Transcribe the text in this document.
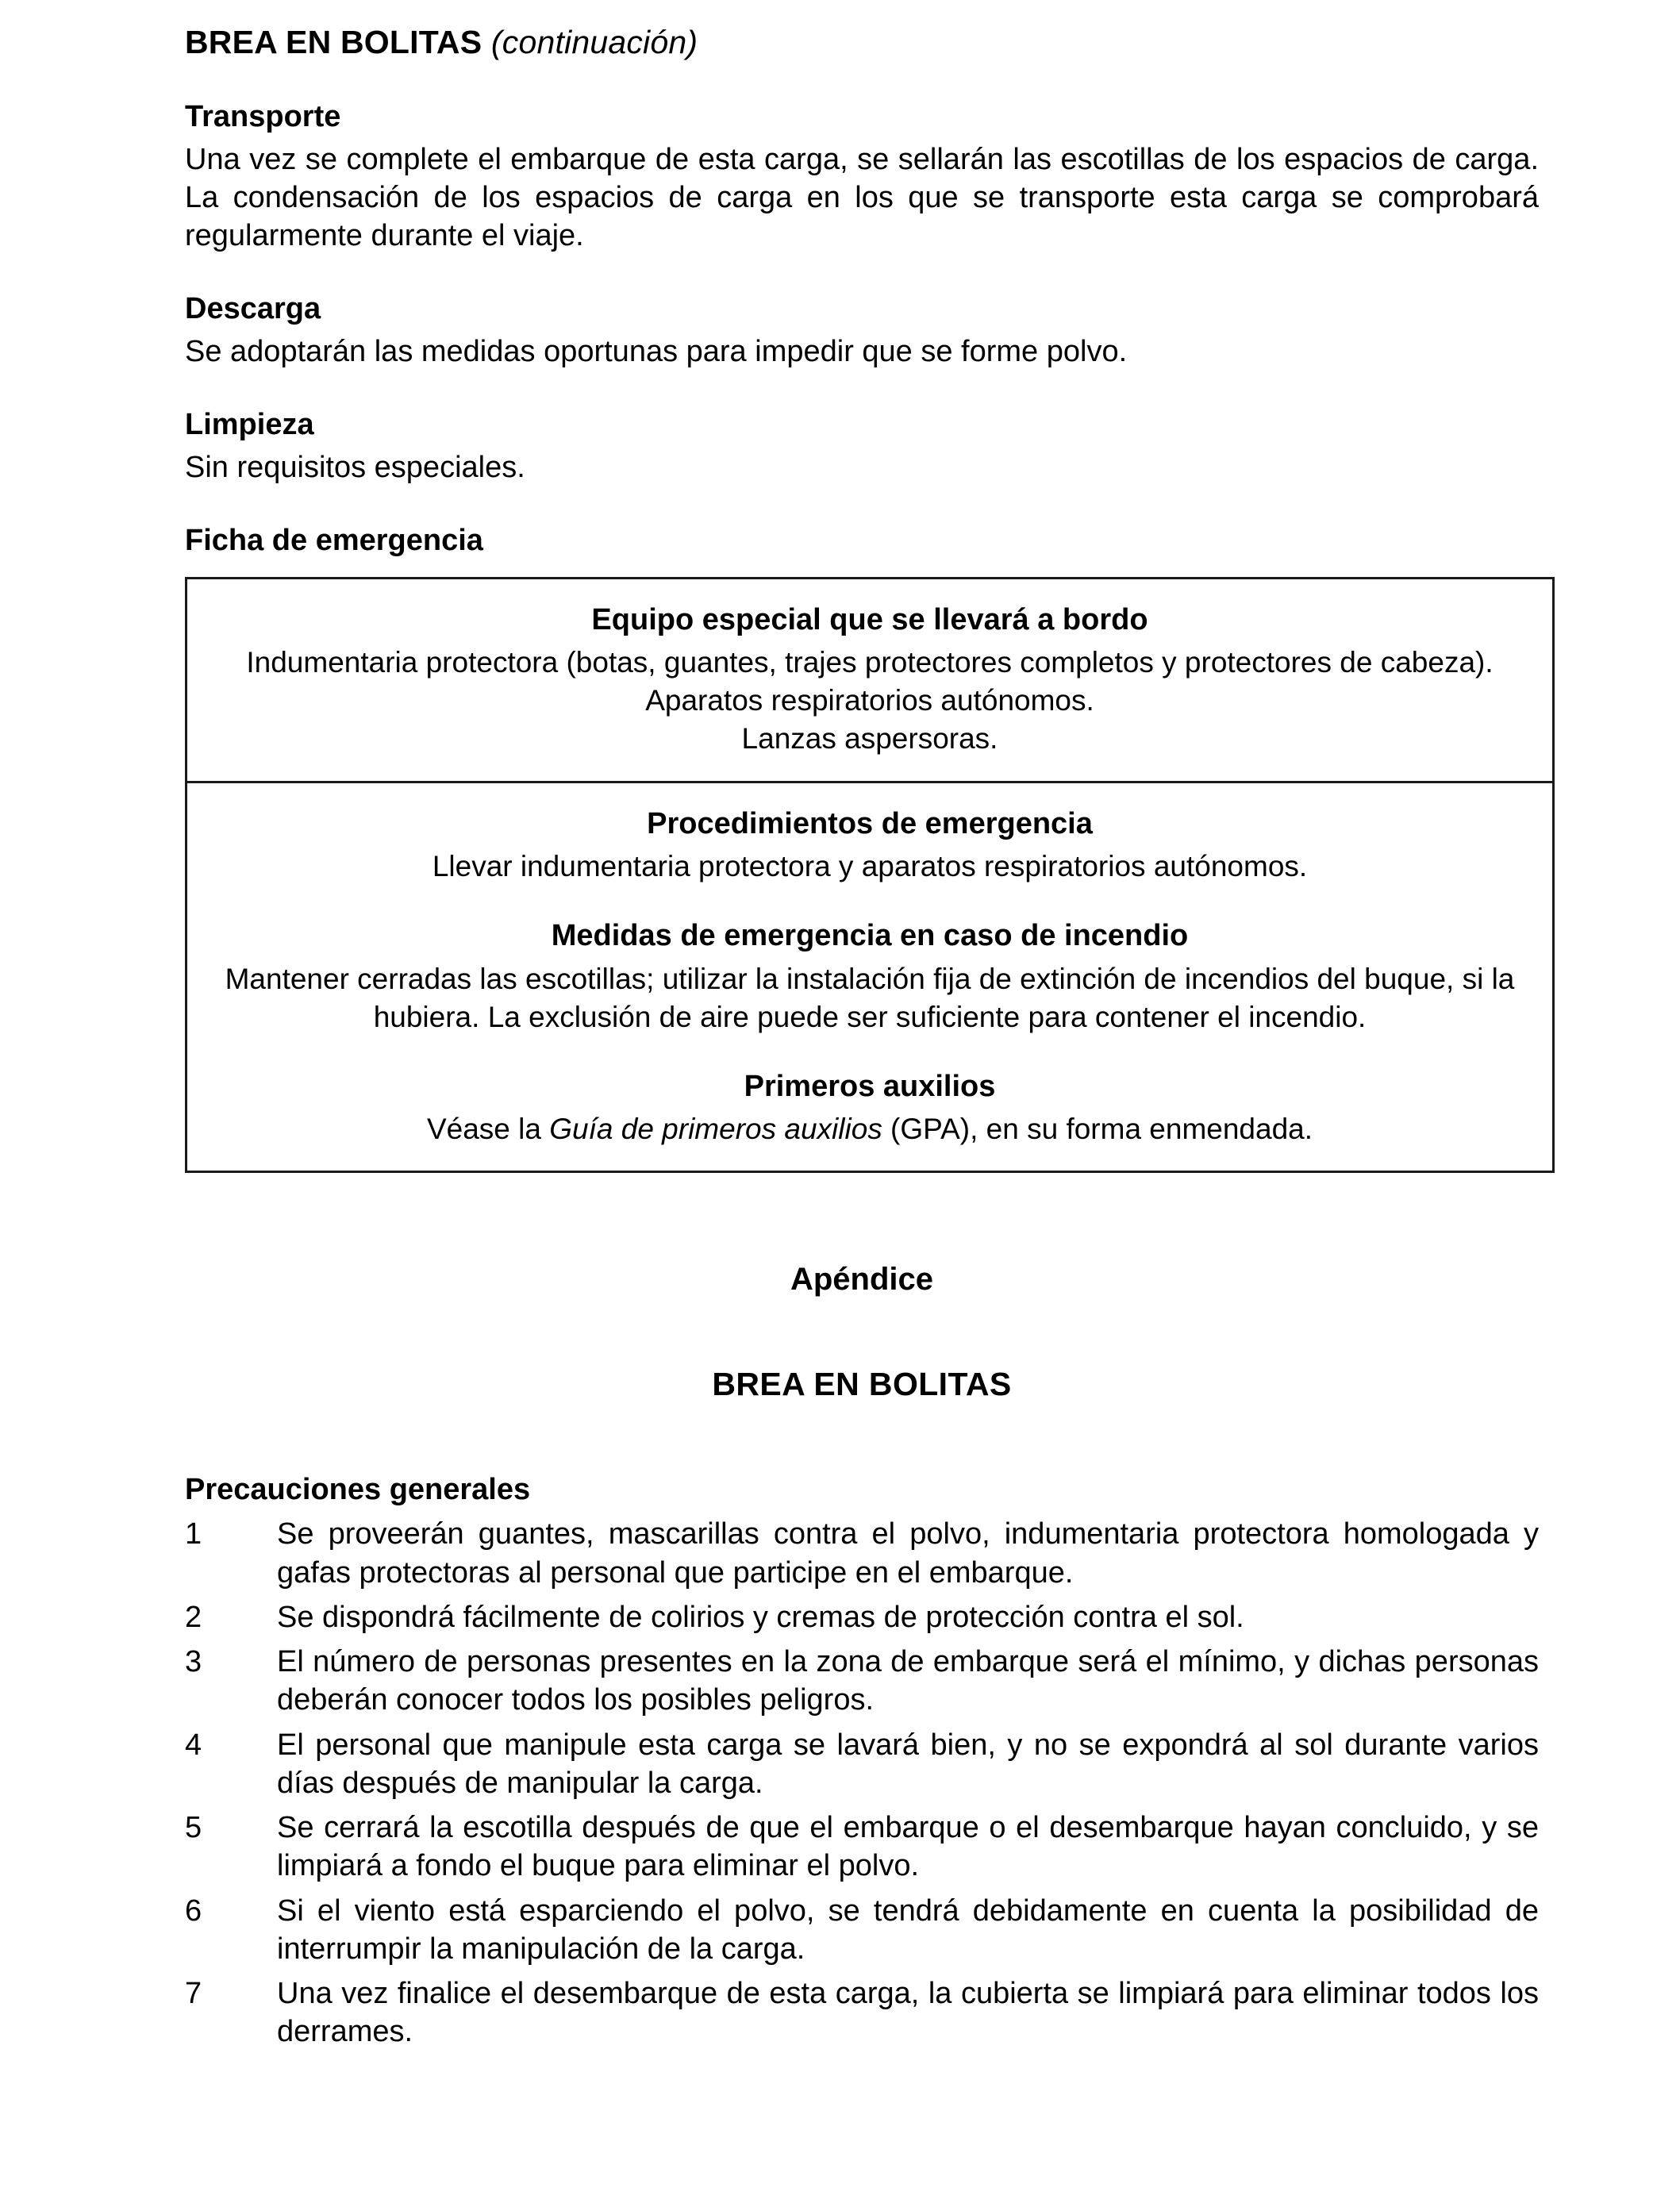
BREA EN BOLITAS (continuación)
Transporte

Una vez se complete el embarque de esta carga, se sellarán las escotillas de los espacios de carga. La condensación de los espacios de carga en los que se transporte esta carga se comprobará regularmente durante el viaje.

Descarga

Se adoptarán las medidas oportunas para impedir que se forme polvo.

Limpieza

Sin requisitos especiales.

Ficha de emergencia
Equipo especial que se llevará a bordo

Indumentaria protectora (botas, guantes, trajes protectores completos y protectores de cabeza).

Aparatos respiratorios autónomos.

Lanzas aspersoras.

Procedimientos de emergencia

Llevar indumentaria protectora y aparatos respiratorios autónomos.

Medidas de emergencia en caso de incendio

Mantener cerradas las escotillas; utilizar la instalación fija de extinción de incendios del buque, si la hubiera. La exclusión de aire puede ser suficiente para contener el incendio.

Primeros auxilios

Véase la Guía de primeros auxilios (GPA), en su forma enmendada.

Apéndice
BREA EN BOLITAS
Precauciones generales
1	Se proveerán guantes, mascarillas contra el polvo, indumentaria protectora homologada y gafas protectoras al personal que participe en el embarque.
2	Se dispondrá fácilmente de colirios y cremas de protección contra el sol.
3	El número de personas presentes en la zona de embarque será el mínimo, y dichas personas deberán conocer todos los posibles peligros.
4	El personal que manipule esta carga se lavará bien, y no se expondrá al sol durante varios días después de manipular la carga.
5	Se cerrará la escotilla después de que el embarque o el desembarque hayan concluido, y se limpiará a fondo el buque para eliminar el polvo.
6	Si el viento está esparciendo el polvo, se tendrá debidamente en cuenta la posibilidad de interrumpir la manipulación de la carga.
7	Una vez finalice el desembarque de esta carga, la cubierta se limpiará para eliminar todos los derrames.
